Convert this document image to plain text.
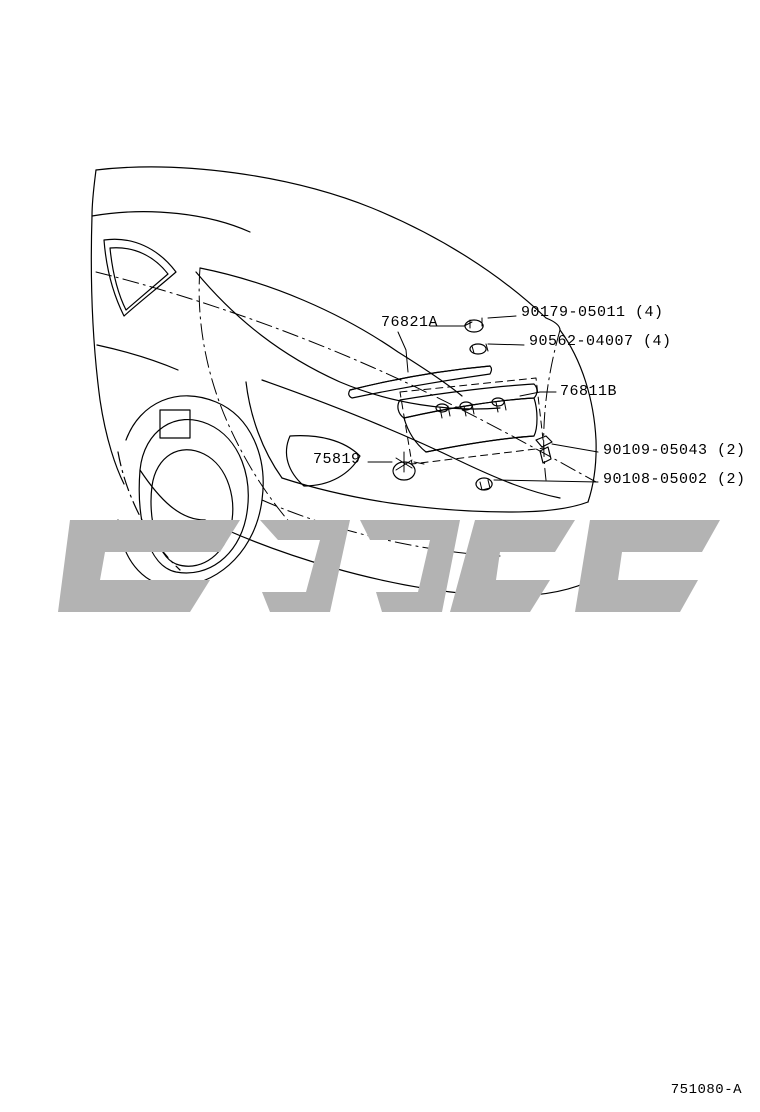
76821A
90179-05011 (4)
90562-04007 (4)
76811B
75819
90109-05043 (2)
90108-05002 (2)
751080-A
